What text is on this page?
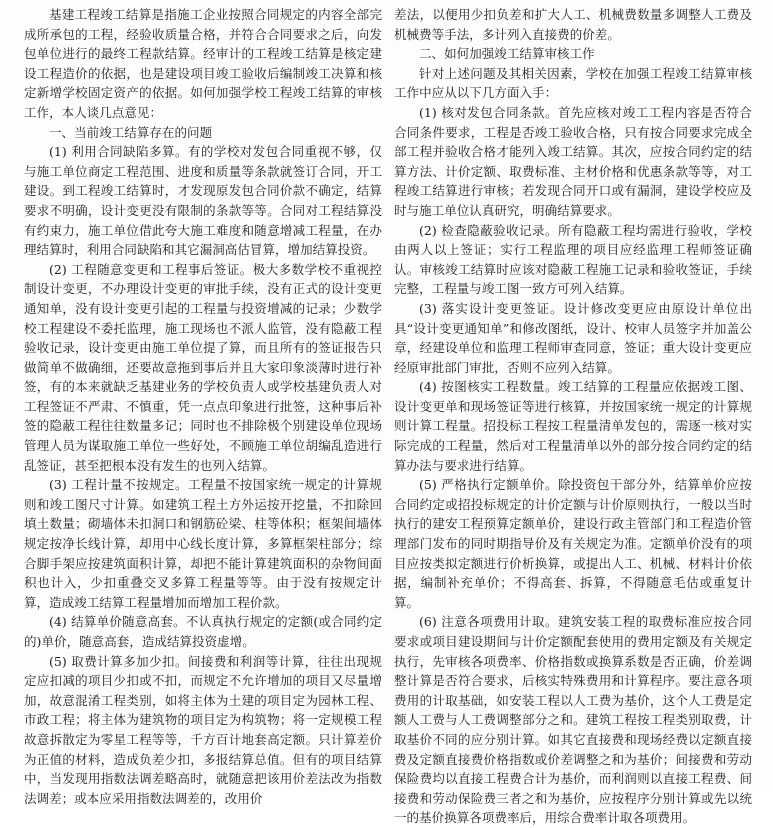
基建工程竣工结算是指施工企业按照合同规定的内容全部完成所承包的工程，经验收质量合格，并符合合同要求之后，向发包单位进行的最终工程款结算。经审计的工程竣工结算是核定建设工程造价的依据，也是建设项目竣工验收后编制竣工决算和核定新增学校固定资产的依据。如何加强学校工程竣工结算的审核工作，本人谈几点意见：

一、当前竣工结算存在的问题

(1) 利用合同缺陷多算。有的学校对发包合同重视不够，仅与施工单位商定工程范围、进度和质量等条款就签订合同，开工建设。到工程竣工结算时，才发现原发包合同价款不确定，结算要求不明确，设计变更没有限制的条款等等。合同对工程结算没有约束力，施工单位借此夸大施工难度和随意增减工程量，在办理结算时，利用合同缺陷和其它漏洞高估冒算，增加结算投资。

(2) 工程随意变更和工程事后签证。极大多数学校不重视控制设计变更，不办理设计变更的审批手续，没有正式的设计变更通知单，没有设计变更引起的工程量与投资增减的记录；少数学校工程建设不委托监理，施工现场也不派人监管，没有隐蔽工程验收记录，设计变更由施工单位提了算，而且所有的签证报告只做简单不做确细，还要故意拖到事后并且大家印象淡薄时进行补签，有的本来就缺乏基建业务的学校负责人或学校基建负责人对工程签证不严肃、不慎重，凭一点点印象进行批签，这种事后补签的隐蔽工程往往数量多记；同时也不排除极个别建设单位现场管理人员为谋取施工单位一些好处，不顾施工单位胡编乱造进行乱签证，甚至把根本没有发生的也列入结算。

(3) 工程计量不按规定。工程量不按国家统一规定的计算规则和竣工图尺寸计算。如建筑工程土方外运按开挖量，不扣除回填土数量；砌墙体未扣洞口和钢筋砼梁、柱等体积；框架间墙体规定按净长线计算，却用中心线长度计算，多算框架柱部分；综合脚手架应按建筑面积计算，却把不能计算建筑面积的杂物间面积也计入，少扣重叠交叉多算工程量等等。由于没有按规定计算，造成竣工结算工程量增加而增加工程价款。

(4) 结算单价随意高套。不认真执行规定的定额(或合同约定的)单价，随意高套，造成结算投资虚增。

(5) 取费计算多加少扣。间接费和利润等计算，往往出现规定应扣减的项目少扣或不扣，而规定不允许增加的项目又尽量增加，故意混淆工程类别，如将主体为土建的项目定为园林工程、市政工程；将主体为建筑物的项目定为构筑物；将一定规模工程故意拆散定为零星工程等等，千方百计地套高定额。只计算差价为正值的材料，造成负差少扣，多报结算总值。但有的项目结算中，当发现用指数法调差略高时，就随意把该用价差法改为指数法调差；或本应采用指数法调差的，改用价

差法，以便用少扣负差和扩大人工、机械费数量多调整人工费及机械费等手法，多计列入直接费的价差。

二、如何加强竣工结算审核工作

针对上述问题及其相关因素，学校在加强工程竣工结算审核工作中应从以下几方面入手：

(1) 核对发包合同条款。首先应核对竣工工程内容是否符合合同条件要求，工程是否竣工验收合格，只有按合同要求完成全部工程并验收合格才能列入竣工结算。其次，应按合同约定的结算方法、计价定额、取费标准、主材价格和优惠条款等等，对工程竣工结算进行审核；若发现合同开口或有漏洞，建设学校应及时与施工单位认真研究，明确结算要求。

(2) 检查隐蔽验收记录。所有隐蔽工程均需进行验收，学校由两人以上签证；实行工程监理的项目应经监理工程师签证确认。审核竣工结算时应该对隐蔽工程施工记录和验收签证，手续完整，工程量与竣工图一致方可列入结算。

(3) 落实设计变更签证。设计修改变更应由原设计单位出具“设计变更通知单”和修改图纸，设计、校审人员签字并加盖公章，经建设单位和监理工程师审查同意，签证；重大设计变更应经原审批部门审批，否则不应列入结算。

(4) 按图核实工程数量。竣工结算的工程量应依据竣工图、设计变更单和现场签证等进行核算，并按国家统一规定的计算规则计算工程量。招投标工程按工程量清单发包的，需逐一核对实际完成的工程量，然后对工程量清单以外的部分按合同约定的结算办法与要求进行结算。

(5) 严格执行定额单价。除投资包干部分外，结算单价应按合同约定或招投标规定的计价定额与计价原则执行，一般以当时执行的建安工程预算定额单价，建设行政主管部门和工程造价管理部门发布的同时期指导价及有关规定为准。定额单价没有的项目应按类拟定额进行价析换算，或提出人工、机械、材料计价依据，编制补充单价；不得高套、拆算，不得随意毛估或重复计算。

(6) 注意各项费用计取。建筑安装工程的取费标准应按合同要求或项目建设期间与计价定额配套使用的费用定额及有关规定执行，先审核各项费率、价格指数或换算系数是否正确，价差调整计算是否符合要求，后核实特殊费用和计算程序。要注意各项费用的计取基础，如安装工程以人工费为基价，这个人工费是定额人工费与人工费调整部分之和。建筑工程按工程类别取费，计取基价不同的应分别计算。如其它直接费和现场经费以定额直接费及定额直接费价格指数或价差调整之和为基价；间接费和劳动保险费均以直接工程费合计为基价，而利润则以直接工程费、间接费和劳动保险费三者之和为基价，应按程序分别计算或先以统一的基价换算各项费率后，用综合费率计取各项费用。
